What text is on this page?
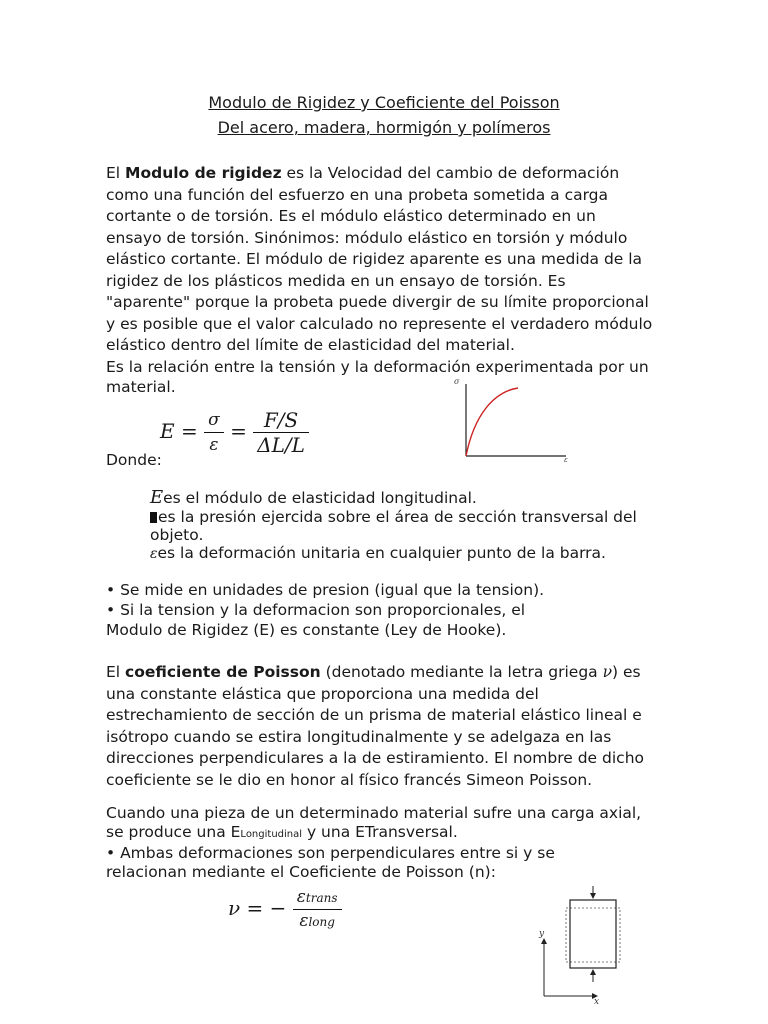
Modulo de Rigidez y Coeficiente del Poisson
Del acero, madera, hormigón y polímeros
El Modulo de rigidez es la Velocidad del cambio de deformación
como una función del esfuerzo en una probeta sometida a carga
cortante o de torsión. Es el módulo elástico determinado en un
ensayo de torsión. Sinónimos: módulo elástico en torsión y módulo
elástico cortante. El módulo de rigidez aparente es una medida de la
rigidez de los plásticos medida en un ensayo de torsión. Es
"aparente" porque la probeta puede divergir de su límite proporcional
y es posible que el valor calculado no represente el verdadero módulo
elástico dentro del límite de elasticidad del material.
Es la relación entre la tensión y la deformación experimentada por un
material.
$E = \frac{\sigma}{\varepsilon} = \frac{F/S}{\Delta L/L}$
σ
ε
Donde:
Ees el módulo de elasticidad longitudinal.
es la presión ejercida sobre el área de sección transversal del
objeto.
εes la deformación unitaria en cualquier punto de la barra.
• Se mide en unidades de presion (igual que la tension).
• Si la tension y la deformacion son proporcionales, el
Modulo de Rigidez (E) es constante (Ley de Hooke).
El coeficiente de Poisson (denotado mediante la letra griega ν) es
una constante elástica que proporciona una medida del
estrechamiento de sección de un prisma de material elástico lineal e
isótropo cuando se estira longitudinalmente y se adelgaza en las
direcciones perpendiculares a la de estiramiento. El nombre de dicho
coeficiente se le dio en honor al físico francés Simeon Poisson.
Cuando una pieza de un determinado material sufre una carga axial,
se produce una ELongitudinal y una ETransversal.
• Ambas deformaciones son perpendiculares entre si y se
relacionan mediante el Coeficiente de Poisson (n):
ν = − $\frac{\text{εtrans}}{\text{εlong}}$
y
x
